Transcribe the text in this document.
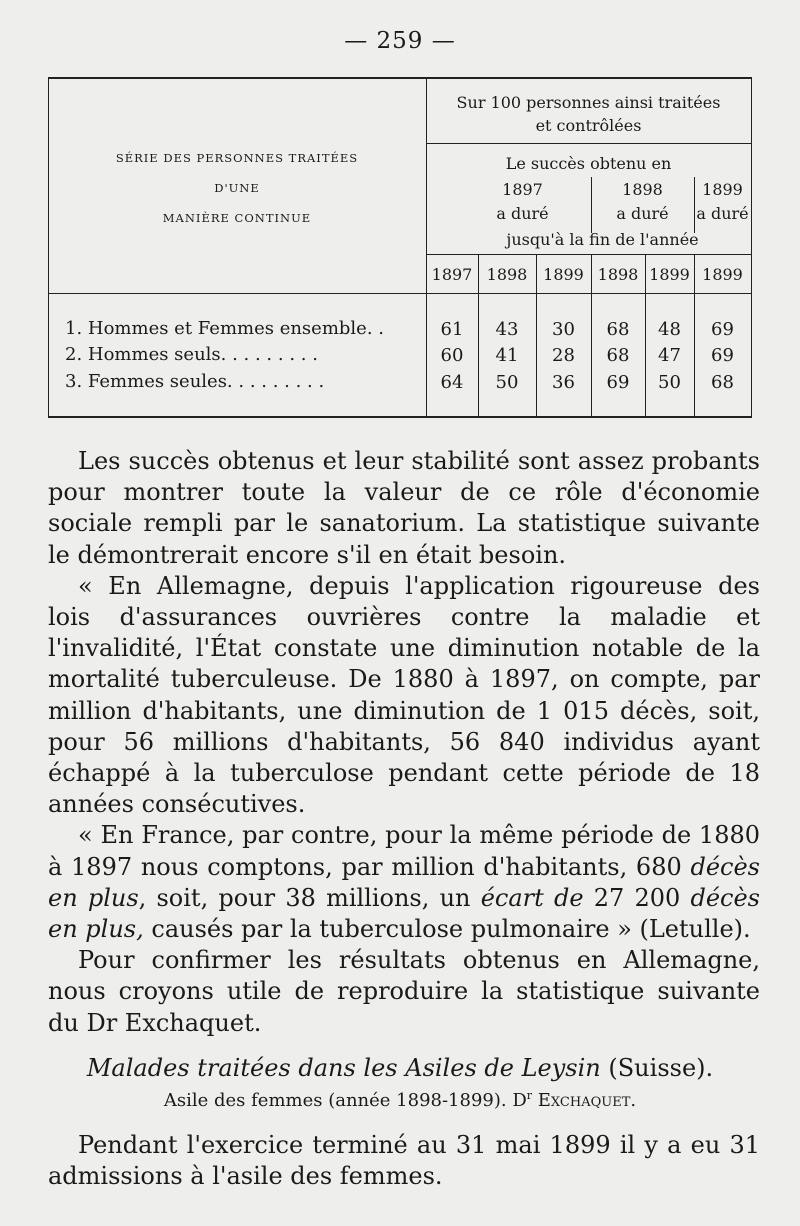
— 259 —
SÉRIE DES PERSONNES TRAITÉES
D'UNE
MANIÈRE CONTINUE
Sur 100 personnes ainsi traitées
et contrôlées
Le succès obtenu en
1897
a duré
1898
a duré
1899
a duré
jusqu'à la fin de l'année
1897 1898 1899 1898 1899 1899
1. Hommes et Femmes ensemble. .	61	43	30	68	48	69
2. Hommes seuls. . . . . . . . .	60	41	28	68	47	69
3. Femmes seules. . . . . . . . .	64	50	36	69	50	68

Les succès obtenus et leur stabilité sont assez probants pour montrer toute la valeur de ce rôle d'économie sociale rempli par le sanatorium. La statistique suivante le démontrerait encore s'il en était besoin.

« En Allemagne, depuis l'application rigoureuse des lois d'assurances ouvrières contre la maladie et l'invalidité, l'État constate une diminution notable de la mortalité tuberculeuse. De 1880 à 1897, on compte, par million d'habitants, une diminution de 1 015 décès, soit, pour 56 millions d'habitants, 56 840 individus ayant échappé à la tuberculose pendant cette période de 18 années consécutives.

« En France, par contre, pour la même période de 1880 à 1897 nous comptons, par million d'habitants, 680 décès en plus, soit, pour 38 millions, un écart de 27 200 décès en plus, causés par la tuberculose pulmonaire » (Letulle).

Pour confirmer les résultats obtenus en Allemagne, nous croyons utile de reproduire la statistique suivante du Dr Exchaquet.

Malades traitées dans les Asiles de Leysin (Suisse).
Asile des femmes (année 1898-1899). $D^r$ Exchaquet.

Pendant l'exercice terminé au 31 mai 1899 il y a eu 31 admissions à l'asile des femmes.
